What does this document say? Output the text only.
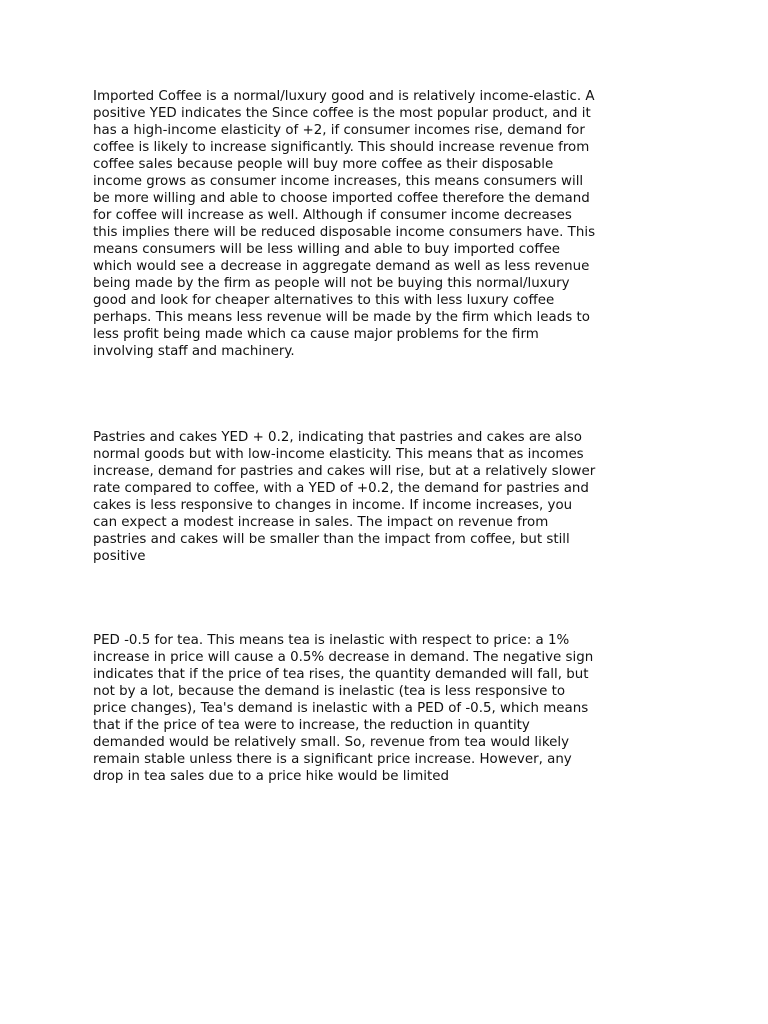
Imported Coffee is a normal/luxury good and is relatively income-elastic. A
positive YED indicates the Since coffee is the most popular product, and it
has a high-income elasticity of +2, if consumer incomes rise, demand for
coffee is likely to increase significantly. This should increase revenue from
coffee sales because people will buy more coffee as their disposable
income grows as consumer income increases, this means consumers will
be more willing and able to choose imported coffee therefore the demand
for coffee will increase as well. Although if consumer income decreases
this implies there will be reduced disposable income consumers have. This
means consumers will be less willing and able to buy imported coffee
which would see a decrease in aggregate demand as well as less revenue
being made by the firm as people will not be buying this normal/luxury
good and look for cheaper alternatives to this with less luxury coffee
perhaps. This means less revenue will be made by the firm which leads to
less profit being made which ca cause major problems for the firm
involving staff and machinery.

Pastries and cakes YED + 0.2, indicating that pastries and cakes are also
normal goods but with low-income elasticity. This means that as incomes
increase, demand for pastries and cakes will rise, but at a relatively slower
rate compared to coffee, with a YED of +0.2, the demand for pastries and
cakes is less responsive to changes in income. If income increases, you
can expect a modest increase in sales. The impact on revenue from
pastries and cakes will be smaller than the impact from coffee, but still
positive

PED -0.5 for tea. This means tea is inelastic with respect to price: a 1%
increase in price will cause a 0.5% decrease in demand. The negative sign
indicates that if the price of tea rises, the quantity demanded will fall, but
not by a lot, because the demand is inelastic (tea is less responsive to
price changes), Tea's demand is inelastic with a PED of -0.5, which means
that if the price of tea were to increase, the reduction in quantity
demanded would be relatively small. So, revenue from tea would likely
remain stable unless there is a significant price increase. However, any
drop in tea sales due to a price hike would be limited
